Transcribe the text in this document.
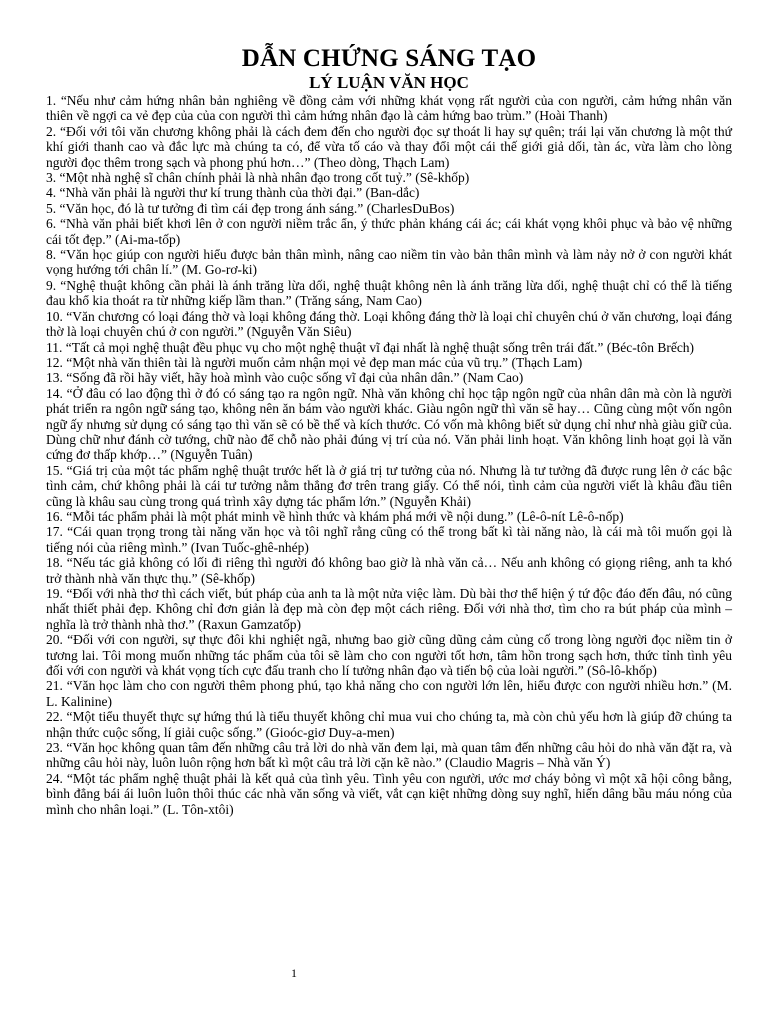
DẪN CHỨNG SÁNG TẠO
LÝ LUẬN VĂN HỌC
1. “Nếu như cảm hứng nhân bản nghiêng về đồng cảm với những khát vọng rất người của con người, cảm hứng nhân văn thiên về ngợi ca vẻ đẹp của của con người thì cảm hứng nhân đạo là cảm hứng bao trùm.” (Hoài Thanh)
2. “Đối với tôi văn chương không phải là cách đem đến cho người đọc sự thoát li hay sự quên; trái lại văn chương là một thứ khí giới thanh cao và đắc lực mà chúng ta có, để vừa tố cáo và thay đổi một cái thế giới giả dối, tàn ác, vừa làm cho lòng người đọc thêm trong sạch và phong phú hơn…” (Theo dòng, Thạch Lam)
3. “Một nhà nghệ sĩ chân chính phải là nhà nhân đạo trong cốt tuỷ.” (Sê-khốp)
4. “Nhà văn phải là người thư kí trung thành của thời đại.” (Ban-dắc)
5. “Văn học, đó là tư tưởng đi tìm cái đẹp trong ánh sáng.” (CharlesDuBos)
6. “Nhà văn phải biết khơi lên ở con người niềm trắc ẩn, ý thức phản kháng cái ác; cái khát vọng khôi phục và bảo vệ những cái tốt đẹp.” (Ai-ma-tốp)
8. “Văn học giúp con người hiểu được bản thân mình, nâng cao niềm tin vào bản thân mình và làm nảy nở ở con người khát vọng hướng tới chân lí.” (M. Go-rơ-ki)
9. “Nghệ thuật không cần phải là ánh trăng lừa dối, nghệ thuật không nên là ánh trăng lừa dối, nghệ thuật chỉ có thể là tiếng đau khổ kia thoát ra từ những kiếp lầm than.” (Trăng sáng, Nam Cao)
10. “Văn chương có loại đáng thờ và loại không đáng thờ. Loại không đáng thờ là loại chỉ chuyên chú ở văn chương, loại đáng thờ là loại chuyên chú ở con người.” (Nguyễn Văn Siêu)
11. “Tất cả mọi nghệ thuật đều phục vụ cho một nghệ thuật vĩ đại nhất là nghệ thuật sống trên trái đất.” (Béc-tôn Brếch)
12. “Một nhà văn thiên tài là người muốn cảm nhận mọi vẻ đẹp man mác của vũ trụ.” (Thạch Lam)
13. “Sống đã rồi hãy viết, hãy hoà mình vào cuộc sống vĩ đại của nhân dân.” (Nam Cao)
14. “Ở đâu có lao động thì ở đó có sáng tạo ra ngôn ngữ. Nhà văn không chỉ học tập ngôn ngữ của nhân dân mà còn là người phát triển ra ngôn ngữ sáng tạo, không nên ăn bám vào người khác. Giàu ngôn ngữ thì văn sẽ hay… Cũng cùng một vốn ngôn ngữ ấy nhưng sử dụng có sáng tạo thì văn sẽ có bề thế và kích thước. Có vốn mà không biết sử dụng chỉ như nhà giàu giữ của. Dùng chữ như đánh cờ tướng, chữ nào để chỗ nào phải đúng vị trí của nó. Văn phải linh hoạt. Văn không linh hoạt gọi là văn cứng đơ thấp khớp…” (Nguyễn Tuân)
15. “Giá trị của một tác phẩm nghệ thuật trước hết là ở giá trị tư tưởng của nó. Nhưng là tư tưởng đã được rung lên ở các bậc tình cảm, chứ không phải là cái tư tưởng nằm thẳng đơ trên trang giấy. Có thể nói, tình cảm của người viết là khâu đầu tiên cũng là khâu sau cùng trong quá trình xây dựng tác phẩm lớn.” (Nguyễn Khải)
16. “Mỗi tác phẩm phải là một phát minh về hình thức và khám phá mới về nội dung.” (Lê-ô-nít Lê-ô-nốp)
17. “Cái quan trọng trong tài năng văn học và tôi nghĩ rằng cũng có thể trong bất kì tài năng nào, là cái mà tôi muốn gọi là tiếng nói của riêng mình.” (Ivan Tuốc-ghê-nhép)
18. “Nếu tác giả không có lối đi riêng thì người đó không bao giờ là nhà văn cả… Nếu anh không có giọng riêng, anh ta khó trở thành nhà văn thực thụ.” (Sê-khốp)
19. “Đối với nhà thơ thì cách viết, bút pháp của anh ta là một nửa việc làm. Dù bài thơ thể hiện ý tứ độc đáo đến đâu, nó cũng nhất thiết phải đẹp. Không chỉ đơn giản là đẹp mà còn đẹp một cách riêng. Đối với nhà thơ, tìm cho ra bút pháp của mình – nghĩa là trở thành nhà thơ.” (Raxun Gamzatốp)
20. “Đối với con người, sự thực đôi khi nghiệt ngã, nhưng bao giờ cũng dũng cảm củng cố trong lòng người đọc niềm tin ở tương lai. Tôi mong muốn những tác phẩm của tôi sẽ làm cho con người tốt hơn, tâm hồn trong sạch hơn, thức tỉnh tình yêu đối với con người và khát vọng tích cực đấu tranh cho lí tưởng nhân đạo và tiến bộ của loài người.” (Sô-lô-khốp)
21. “Văn học làm cho con người thêm phong phú, tạo khả năng cho con người lớn lên, hiểu được con người nhiều hơn.” (M. L. Kalinine)
22. “Một tiểu thuyết thực sự hứng thú là tiểu thuyết không chỉ mua vui cho chúng ta, mà còn chủ yếu hơn là giúp đỡ chúng ta nhận thức cuộc sống, lí giải cuộc sống.” (Gioóc-giơ Duy-a-men)
23. “Văn học không quan tâm đến những câu trả lời do nhà văn đem lại, mà quan tâm đến những câu hỏi do nhà văn đặt ra, và những câu hỏi này, luôn luôn rộng hơn bất kì một câu trả lời cặn kẽ nào.” (Claudio Magris – Nhà văn Ý)
24. “Một tác phẩm nghệ thuật phải là kết quả của tình yêu. Tình yêu con người, ước mơ cháy bỏng vì một xã hội công bằng, bình đẳng bái ái luôn luôn thôi thúc các nhà văn sống và viết, vắt cạn kiệt những dòng suy nghĩ, hiến dâng bầu máu nóng của mình cho nhân loại.” (L. Tôn-xtôi)
1
